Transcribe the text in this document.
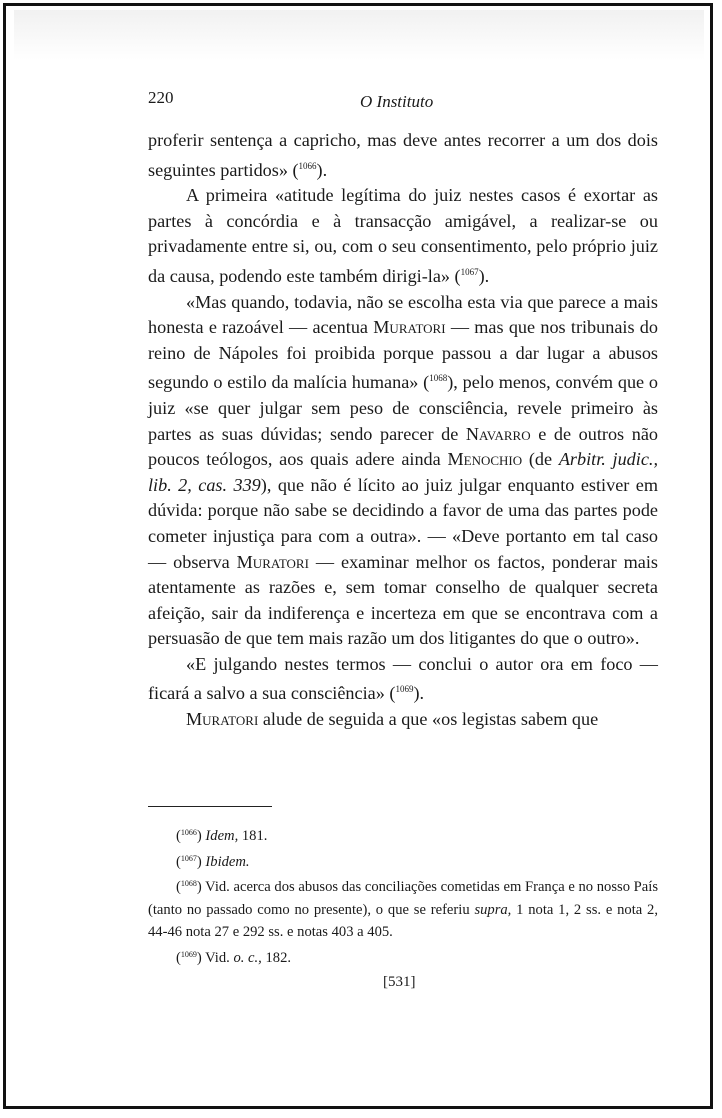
220	O Instituto

proferir sentença a capricho, mas deve antes recorrer a um dos dois seguintes partidos» ($^{1066}$).

A primeira «atitude legítima do juiz nestes casos é exortar as partes à concórdia e à transacção amigável, a realizar-se ou privadamente entre si, ou, com o seu consentimento, pelo próprio juiz da causa, podendo este também dirigi-la» ($^{1067}$).

«Mas quando, todavia, não se escolha esta via que parece a mais honesta e razoável — acentua Muratori — mas que nos tribunais do reino de Nápoles foi proibida porque passou a dar lugar a abusos segundo o estilo da malícia humana» ($^{1068}$), pelo menos, convém que o juiz «se quer julgar sem peso de consciência, revele primeiro às partes as suas dúvidas; sendo parecer de Navarro e de outros não poucos teólogos, aos quais adere ainda Menochio (de Arbitr. judic., lib. 2, cas. 339), que não é lícito ao juiz julgar enquanto estiver em dúvida: porque não sabe se decidindo a favor de uma das partes pode cometer injustiça para com a outra». — «Deve portanto em tal caso — observa Muratori — examinar melhor os factos, ponderar mais atentamente as razões e, sem tomar conselho de qualquer secreta afeição, sair da indiferença e incerteza em que se encontrava com a persuasão de que tem mais razão um dos litigantes do que o outro».

«E julgando nestes termos — conclui o autor ora em foco — ficará a salvo a sua consciência» ($^{1069}$).

Muratori alude de seguida a que «os legistas sabem que

($^{1066}$) Idem, 181.

($^{1067}$) Ibidem.

($^{1068}$) Vid. acerca dos abusos das conciliações cometidas em França e no nosso País (tanto no passado como no presente), o que se referiu supra, 1 nota 1, 2 ss. e nota 2, 44-46 nota 27 e 292 ss. e notas 403 a 405.

($^{1069}$) Vid. o. c., 182.

[531]
